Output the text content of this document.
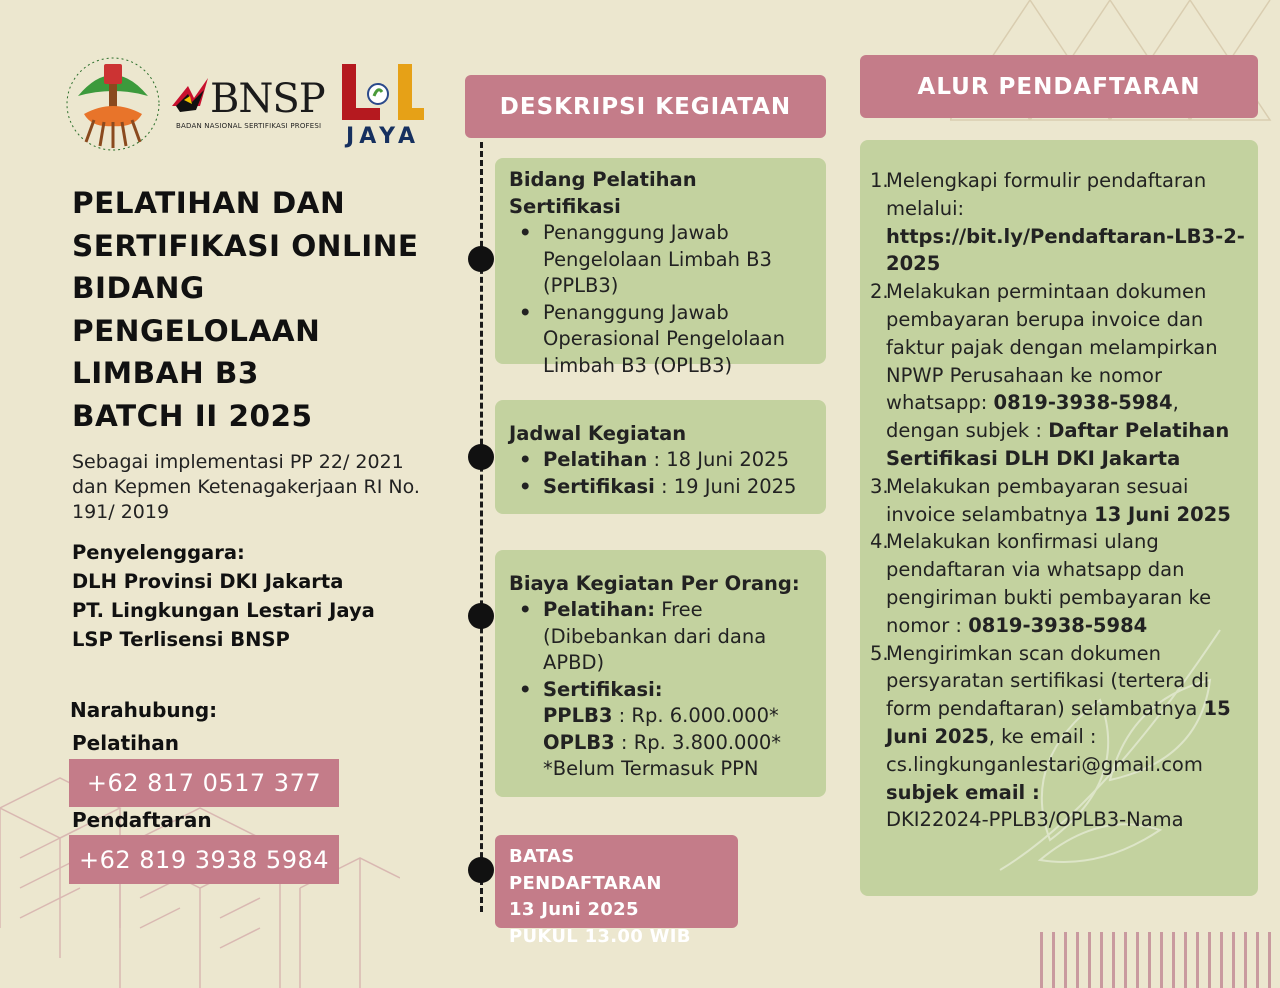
BNSP
BADAN NASIONAL SERTIFIKASI PROFESI	JAYA
PELATIHAN DAN
SERTIFIKASI ONLINE
BIDANG
PENGELOLAAN
LIMBAH B3
BATCH II 2025
Sebagai implementasi PP 22/ 2021 dan Kepmen Ketenagakerjaan RI No. 191/ 2019
Penyelenggara:
DLH Provinsi DKI Jakarta
PT. Lingkungan Lestari Jaya
LSP Terlisensi BNSP
Narahubung:
Pelatihan
+62 817 0517 377
Pendaftaran
+62 819 3938 5984
DESKRIPSI KEGIATAN
Bidang Pelatihan Sertifikasi
• Penanggung Jawab Pengelolaan Limbah B3 (PPLB3)
• Penanggung Jawab Operasional Pengelolaan Limbah B3 (OPLB3)
Jadwal Kegiatan
• Pelatihan : 18 Juni 2025
• Sertifikasi : 19 Juni 2025
Biaya Kegiatan Per Orang:
• Pelatihan: Free (Dibebankan dari dana APBD)
• Sertifikasi:
PPLB3 : Rp. 6.000.000*
OPLB3 : Rp. 3.800.000*
*Belum Termasuk PPN
BATAS PENDAFTARAN
13 Juni 2025
PUKUL 13.00 WIB
ALUR PENDAFTARAN
1.
Melengkapi formulir pendaftaran melalui: https://bit.ly/Pendaftaran-LB3-2-2025
2.
Melakukan permintaan dokumen pembayaran berupa invoice dan faktur pajak dengan melampirkan NPWP Perusahaan ke nomor whatsapp: 0819-3938-5984, dengan subjek : Daftar Pelatihan Sertifikasi DLH DKI Jakarta
3.
Melakukan pembayaran sesuai invoice selambatnya 13 Juni 2025
4.
Melakukan konfirmasi ulang pendaftaran via whatsapp dan pengiriman bukti pembayaran ke nomor : 0819-3938-5984
5.
Mengirimkan scan dokumen persyaratan sertifikasi (tertera di form pendaftaran) selambatnya 15 Juni 2025, ke email :
cs.lingkunganlestari@gmail.com
subjek email :
DKI22024-PPLB3/OPLB3-Nama
